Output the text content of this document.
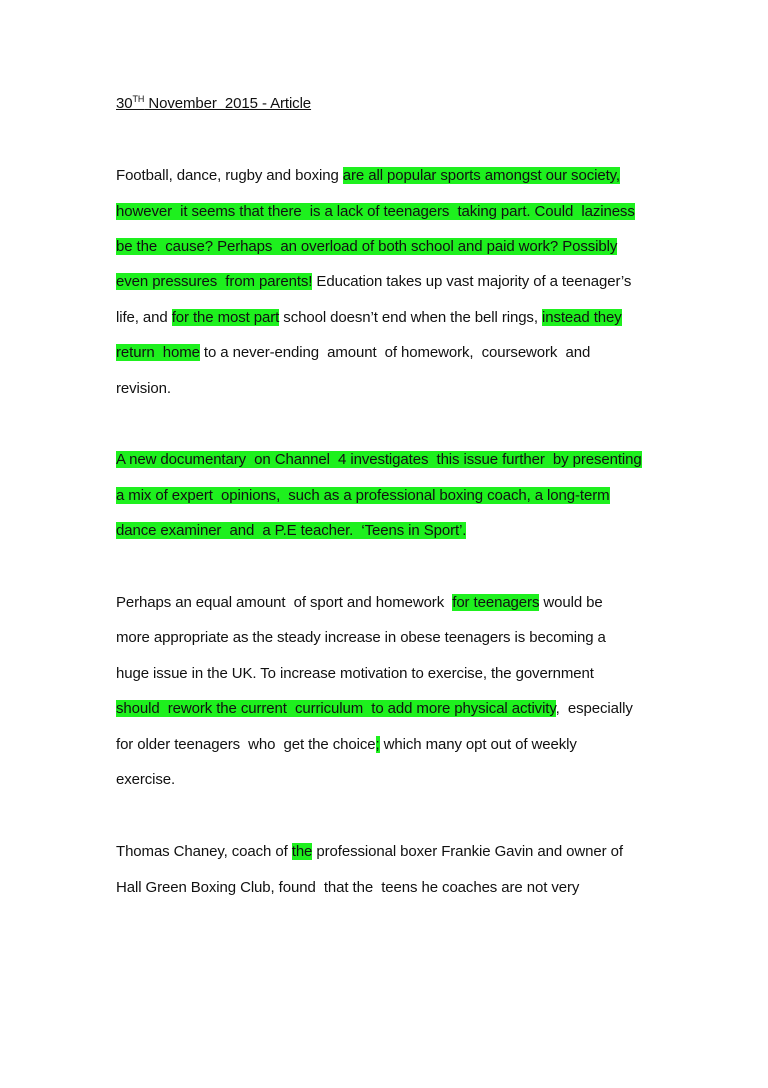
30TH November  2015 - Article
Football, dance, rugby and boxing are all popular sports amongst our society,
however  it seems that there  is a lack of teenagers  taking part. Could  laziness
be the  cause? Perhaps  an overload of both school and paid work? Possibly
even pressures  from parents! Education takes up vast majority of a teenager’s
life, and for the most part school doesn’t end when the bell rings, instead they
return  home to a never-ending  amount  of homework,  coursework  and
revision.
A new documentary  on Channel  4 investigates  this issue further  by presenting
a mix of expert  opinions,  such as a professional boxing coach, a long-term
dance examiner  and  a P.E teacher.  ‘Teens in Sport’.
Perhaps an equal amount  of sport and homework  for teenagers would be
more appropriate as the steady increase in obese teenagers is becoming a
huge issue in the UK. To increase motivation to exercise, the government
should  rework the current  curriculum  to add more physical activity,  especially
for older teenagers  who  get the choice; which many opt out of weekly
exercise.
Thomas Chaney, coach of the professional boxer Frankie Gavin and owner of
Hall Green Boxing Club, found  that the  teens he coaches are not very
